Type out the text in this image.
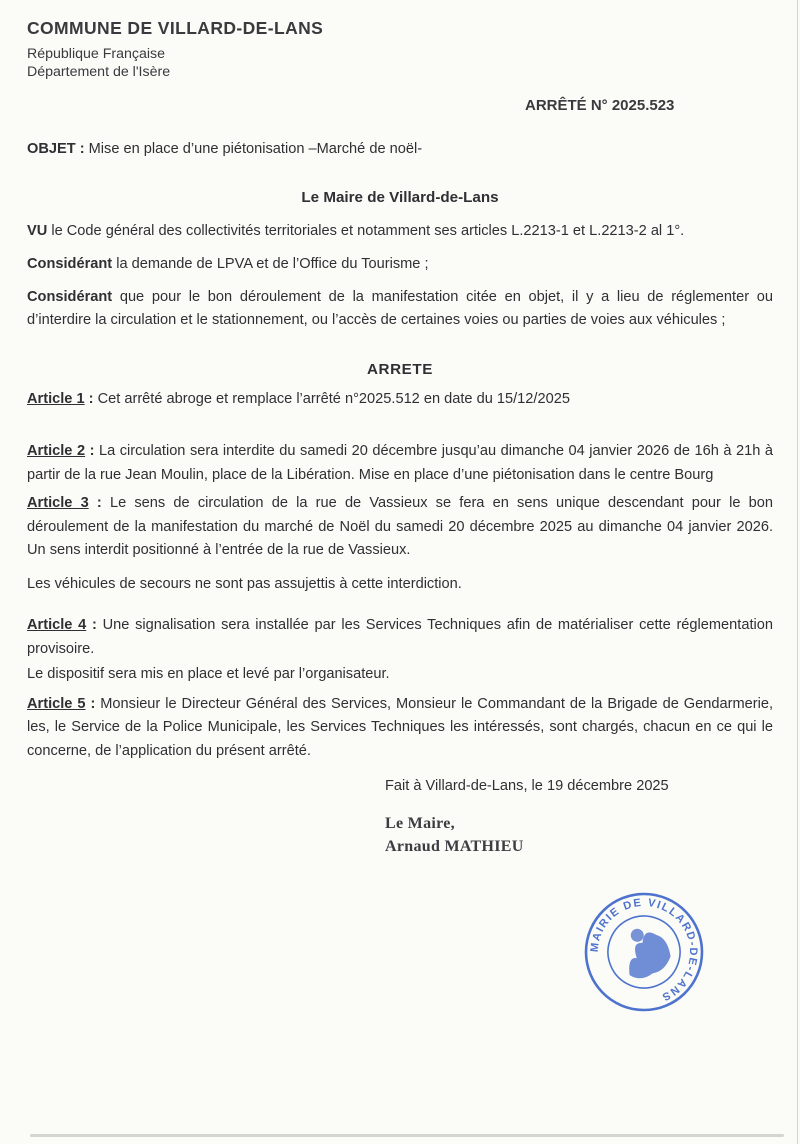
COMMUNE DE VILLARD-DE-LANS
République Française
Département de l'Isère
ARRÊTÉ N° 2025.523

OBJET : Mise en place d’une piétonisation –Marché de noël-

Le Maire de Villard-de-Lans

VU le Code général des collectivités territoriales et notamment ses articles L.2213-1 et L.2213-2 al 1°.

Considérant la demande de LPVA et de l’Office du Tourisme ;

Considérant que pour le bon déroulement de la manifestation citée en objet, il y a lieu de réglementer ou d’interdire la circulation et le stationnement, ou l’accès de certaines voies ou parties de voies aux véhicules ;

ARRETE

Article 1 : Cet arrêté abroge et remplace l’arrêté n°2025.512 en date du 15/12/2025

Article 2 : La circulation sera interdite du samedi 20 décembre jusqu’au dimanche 04 janvier 2026 de 16h à 21h à partir de la rue Jean Moulin, place de la Libération. Mise en place d’une piétonisation dans le centre Bourg

Article 3 : Le sens de circulation de la rue de Vassieux se fera en sens unique descendant pour le bon déroulement de la manifestation du marché de Noël du samedi 20 décembre 2025 au dimanche 04 janvier 2026. Un sens interdit positionné à l’entrée de la rue de Vassieux.

Les véhicules de secours ne sont pas assujettis à cette interdiction.

Article 4 : Une signalisation sera installée par les Services Techniques afin de matérialiser cette réglementation provisoire.

Le dispositif sera mis en place et levé par l’organisateur.

Article 5 : Monsieur le Directeur Général des Services, Monsieur le Commandant de la Brigade de Gendarmerie, les, le Service de la Police Municipale, les Services Techniques les intéressés, sont chargés, chacun en ce qui le concerne, de l’application du présent arrêté.

Fait à Villard-de-Lans, le 19 décembre 2025

Le Maire,
Arnaud MATHIEU
MAIRIE DE VILLARD-DE-LANS
